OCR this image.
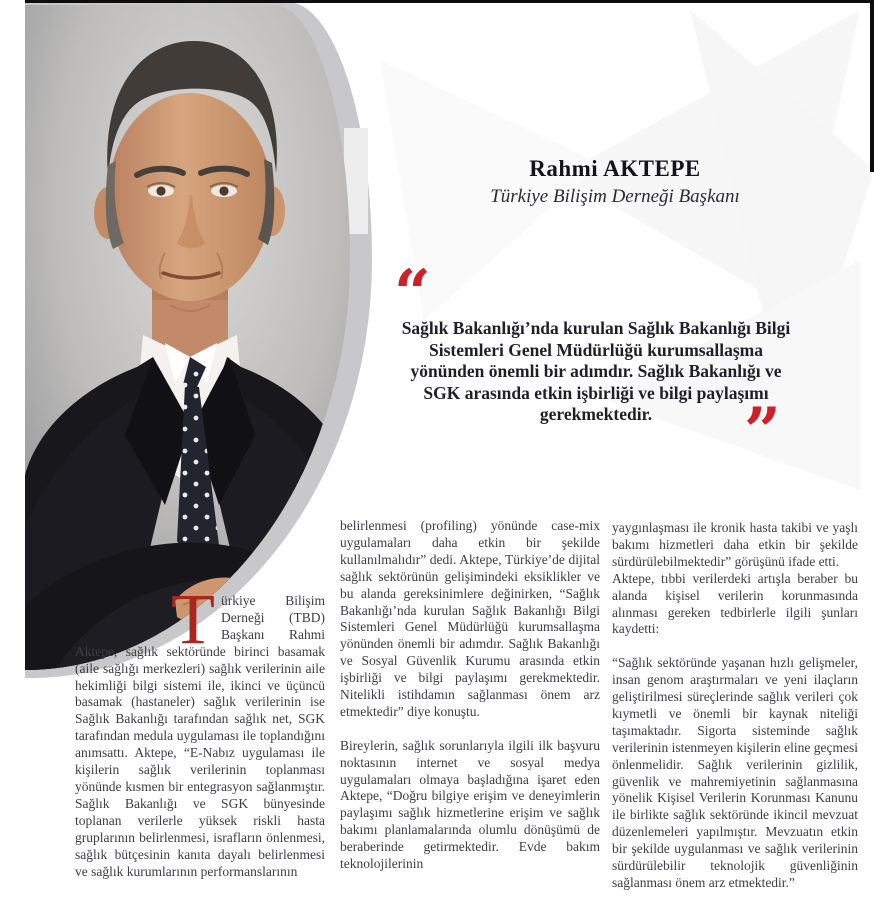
Rahmi AKTEPE

Türkiye Bilişim Derneği Başkanı

“
Sağlık Bakanlığı’nda kurulan Sağlık Bakanlığı Bilgi Sistemleri Genel Müdürlüğü kurumsallaşma yönünden önemli bir adımdır. Sağlık Bakanlığı ve SGK arasında etkin işbirliği ve bilgi paylaşımı gerekmektedir.	”

Türkiye Bilişim Derneği (TBD) Başkanı Rahmi Aktepe, sağlık sektöründe birinci basamak (aile sağlığı merkezleri) sağlık verilerinin aile hekimliği bilgi sistemi ile, ikinci ve üçüncü basamak (hastaneler) sağlık verilerinin ise Sağlık Bakanlığı tarafından sağlık net, SGK tarafından medula uygulaması ile toplandığını anımsattı. Aktepe, “E-Nabız uygulaması ile kişilerin sağlık verilerinin toplanması yönünde kısmen bir entegrasyon sağlanmıştır. Sağlık Bakanlığı ve SGK bünyesinde toplanan verilerle yüksek riskli hasta gruplarının belirlenmesi, israfların önlenmesi, sağlık bütçesinin kanıta dayalı belirlenmesi ve sağlık kurumlarının performanslarının

belirlenmesi (profiling) yönünde case-mix uygulamaları daha etkin bir şekilde kullanılmalıdır” dedi. Aktepe, Türkiye’de dijital sağlık sektörünün gelişimindeki eksiklikler ve bu alanda gereksinimlere değinirken, “Sağlık Bakanlığı’nda kurulan Sağlık Bakanlığı Bilgi Sistemleri Genel Müdürlüğü kurumsallaşma yönünden önemli bir adımdır. Sağlık Bakanlığı ve Sosyal Güvenlik Kurumu arasında etkin işbirliği ve bilgi paylaşımı gerekmektedir. Nitelikli istihdamın sağlanması önem arz etmektedir” diye konuştu.

Bireylerin, sağlık sorunlarıyla ilgili ilk başvuru noktasının internet ve sosyal medya uygulamaları olmaya başladığına işaret eden Aktepe, “Doğru bilgiye erişim ve deneyimlerin paylaşımı sağlık hizmetlerine erişim ve sağlık bakımı planlamalarında olumlu dönüşümü de beraberinde getirmektedir. Evde bakım teknolojilerinin

yaygınlaşması ile kronik hasta takibi ve yaşlı bakımı hizmetleri daha etkin bir şekilde sürdürülebilmektedir” görüşünü ifade etti.

Aktepe, tıbbi verilerdeki artışla beraber bu alanda kişisel verilerin korunmasında alınması gereken tedbirlerle ilgili şunları kaydetti:

“Sağlık sektöründe yaşanan hızlı gelişmeler, insan genom araştırmaları ve yeni ilaçların geliştirilmesi süreçlerinde sağlık verileri çok kıymetli ve önemli bir kaynak niteliği taşımaktadır. Sigorta sisteminde sağlık verilerinin istenmeyen kişilerin eline geçmesi önlenmelidir. Sağlık verilerinin gizlilik, güvenlik ve mahremiyetinin sağlanmasına yönelik Kişisel Verilerin Korunması Kanunu ile birlikte sağlık sektöründe ikincil mevzuat düzenlemeleri yapılmıştır. Mevzuatın etkin bir şekilde uygulanması ve sağlık verilerinin sürdürülebilir teknolojik güvenliğinin sağlanması önem arz etmektedir.”
